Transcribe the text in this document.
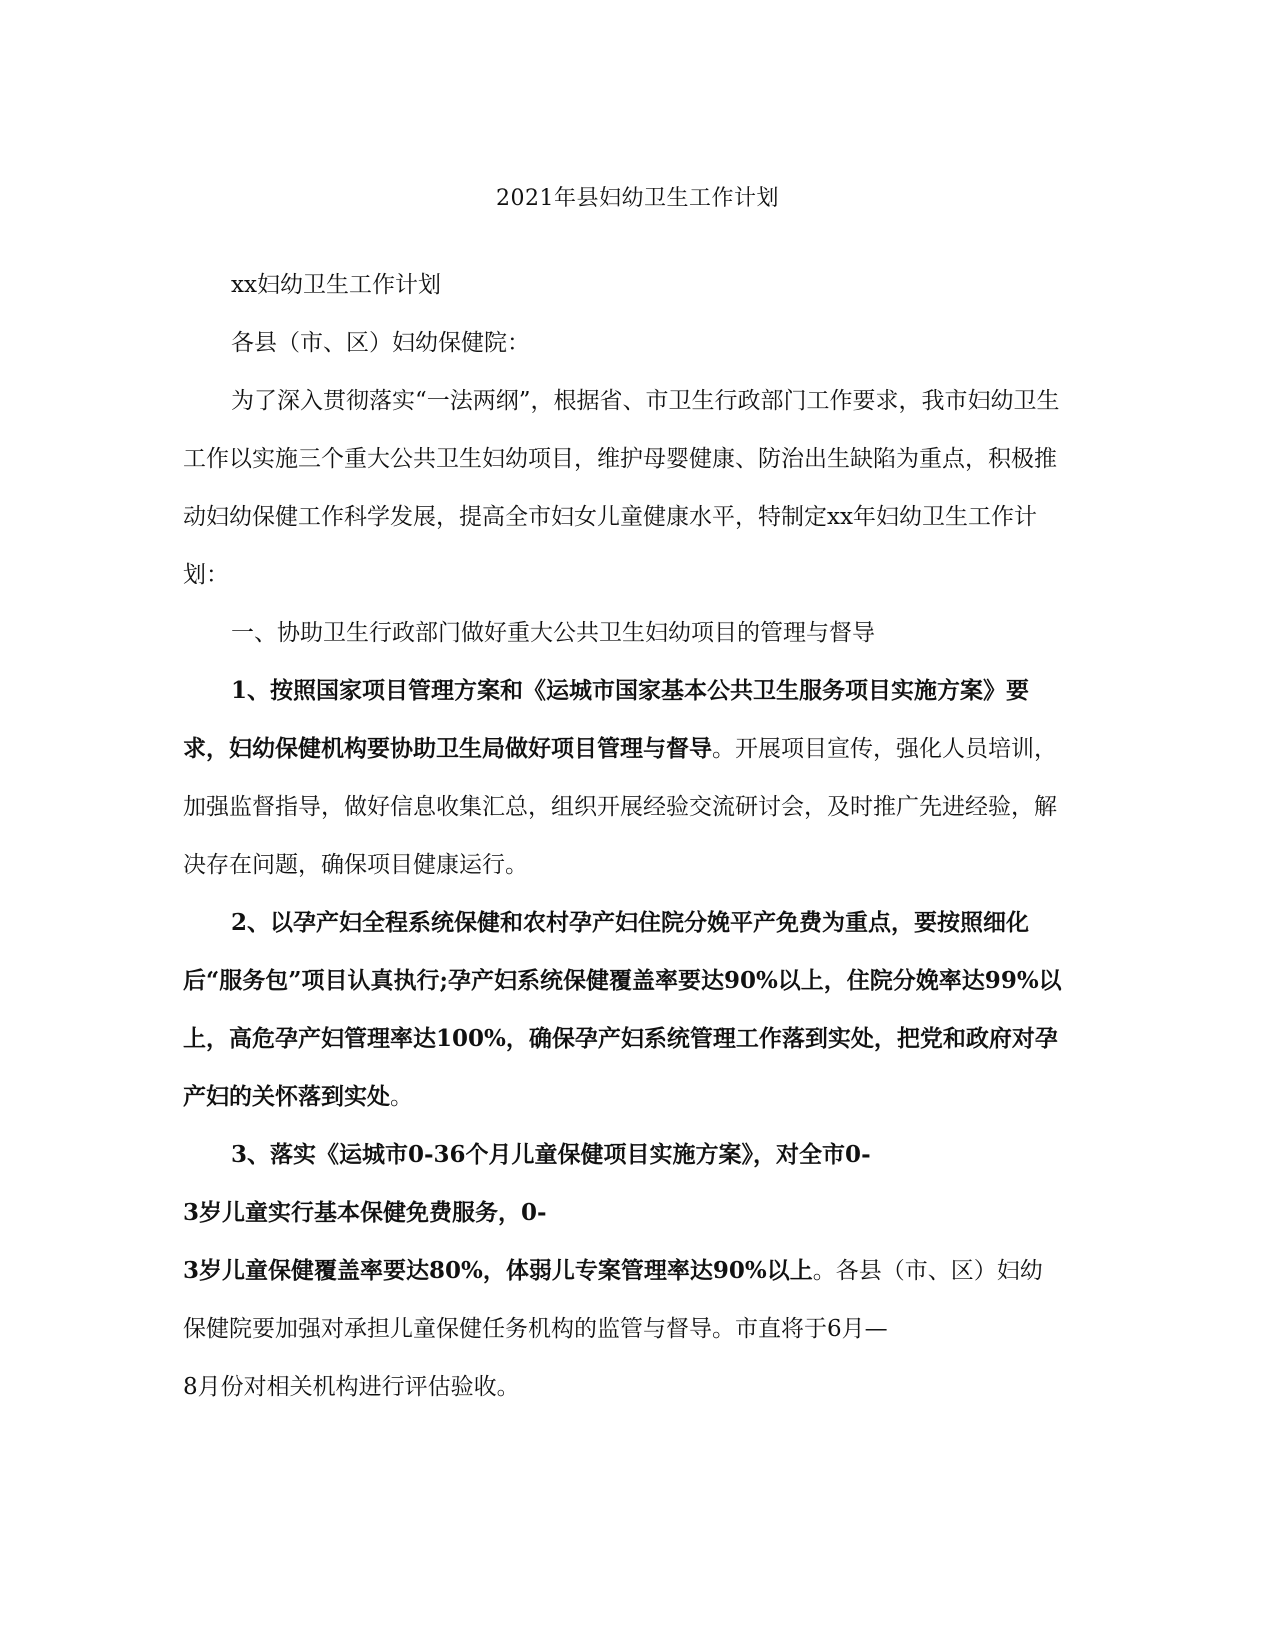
2021年县妇幼卫生工作计划

xx妇幼卫生工作计划

各县（市、区）妇幼保健院：

为了深入贯彻落实“一法两纲”，根据省、市卫生行政部门工作要求，我市妇幼卫生工作以实施三个重大公共卫生妇幼项目，维护母婴健康、防治出生缺陷为重点，积极推动妇幼保健工作科学发展，提高全市妇女儿童健康水平，特制定xx年妇幼卫生工作计划：

一、协助卫生行政部门做好重大公共卫生妇幼项目的管理与督导

1、按照国家项目管理方案和《运城市国家基本公共卫生服务项目实施方案》要求，妇幼保健机构要协助卫生局做好项目管理与督导。开展项目宣传，强化人员培训，加强监督指导，做好信息收集汇总，组织开展经验交流研讨会，及时推广先进经验，解决存在问题，确保项目健康运行。

2、以孕产妇全程系统保健和农村孕产妇住院分娩平产免费为重点，要按照细化后“服务包”项目认真执行;孕产妇系统保健覆盖率要达90%以上，住院分娩率达99%以上，高危孕产妇管理率达100%，确保孕产妇系统管理工作落到实处，把党和政府对孕产妇的关怀落到实处。

3、落实《运城市0-36个月儿童保健项目实施方案》，对全市0-

3岁儿童实行基本保健免费服务，0-

3岁儿童保健覆盖率要达80%，体弱儿专案管理率达90%以上。各县（市、区）妇幼保健院要加强对承担儿童保健任务机构的监管与督导。市直将于6月—

8月份对相关机构进行评估验收。
